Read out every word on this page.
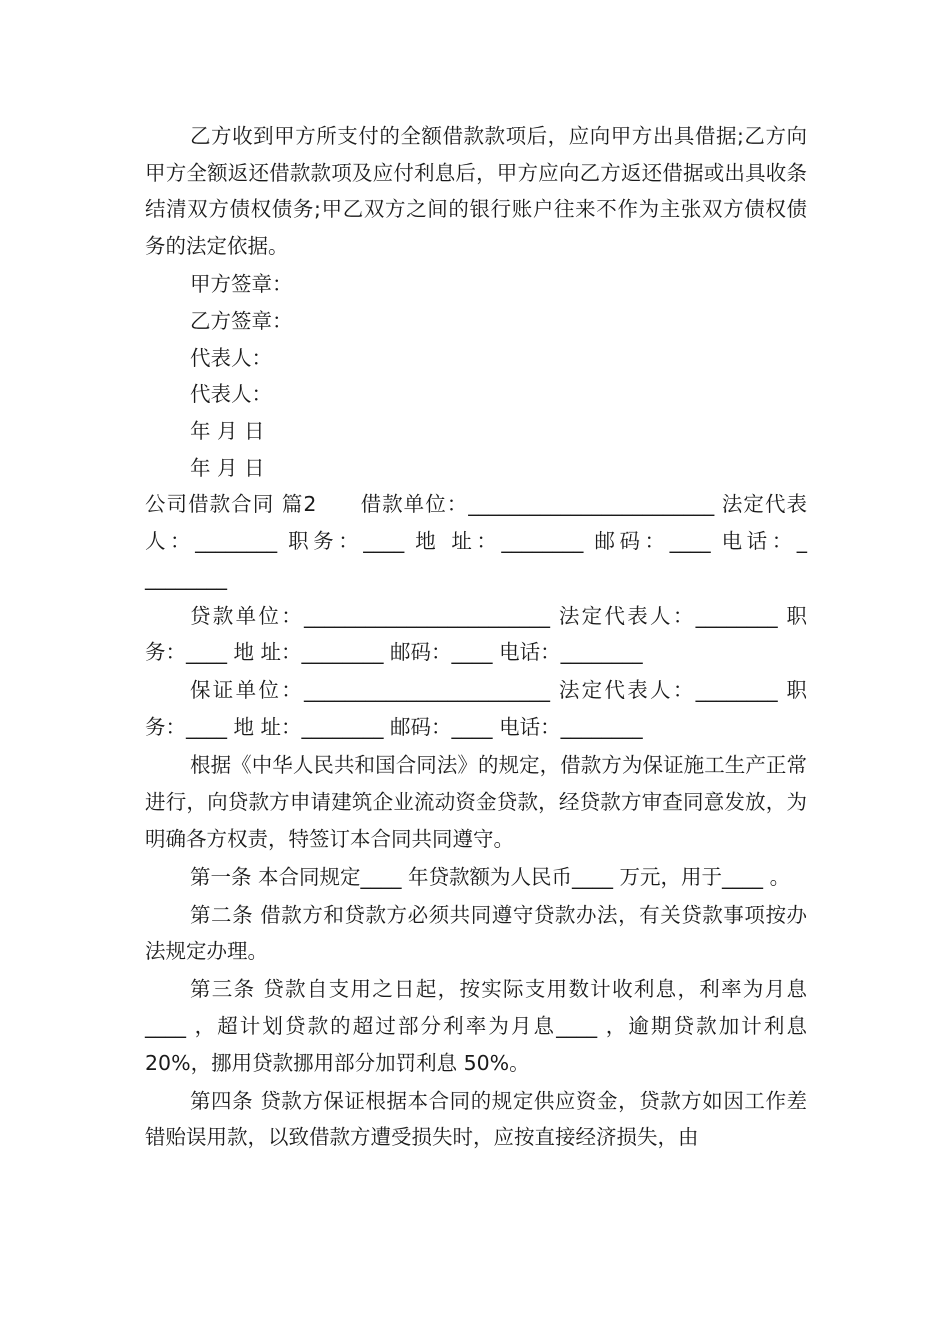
乙方收到甲方所支付的全额借款款项后，应向甲方出具借据;乙方向甲方全额返还借款款项及应付利息后，甲方应向乙方返还借据或出具收条结清双方债权债务;甲乙双方之间的银行账户往来不作为主张双方债权债务的法定依据。

甲方签章：

乙方签章：

代表人：

代表人：

年 月 日

年 月 日

公司借款合同 篇2　　借款单位：________________________ 法定代表人：________ 职务：____ 地 址：________ 邮码：____ 电话：_ ________

贷款单位：________________________ 法定代表人：________ 职务：____ 地 址：________ 邮码：____ 电话：________

保证单位：________________________ 法定代表人：________ 职务：____ 地 址：________ 邮码：____ 电话：________

根据《中华人民共和国合同法》的规定，借款方为保证施工生产正常进行，向贷款方申请建筑企业流动资金贷款，经贷款方审查同意发放，为明确各方权责，特签订本合同共同遵守。

第一条 本合同规定____ 年贷款额为人民币____ 万元，用于____ 。

第二条 借款方和贷款方必须共同遵守贷款办法，有关贷款事项按办法规定办理。

第三条 贷款自支用之日起，按实际支用数计收利息，利率为月息____ ，超计划贷款的超过部分利率为月息____ ，逾期贷款加计利息 20%，挪用贷款挪用部分加罚利息 50%。

第四条 贷款方保证根据本合同的规定供应资金，贷款方如因工作差错贻误用款，以致借款方遭受损失时，应按直接经济损失，由
